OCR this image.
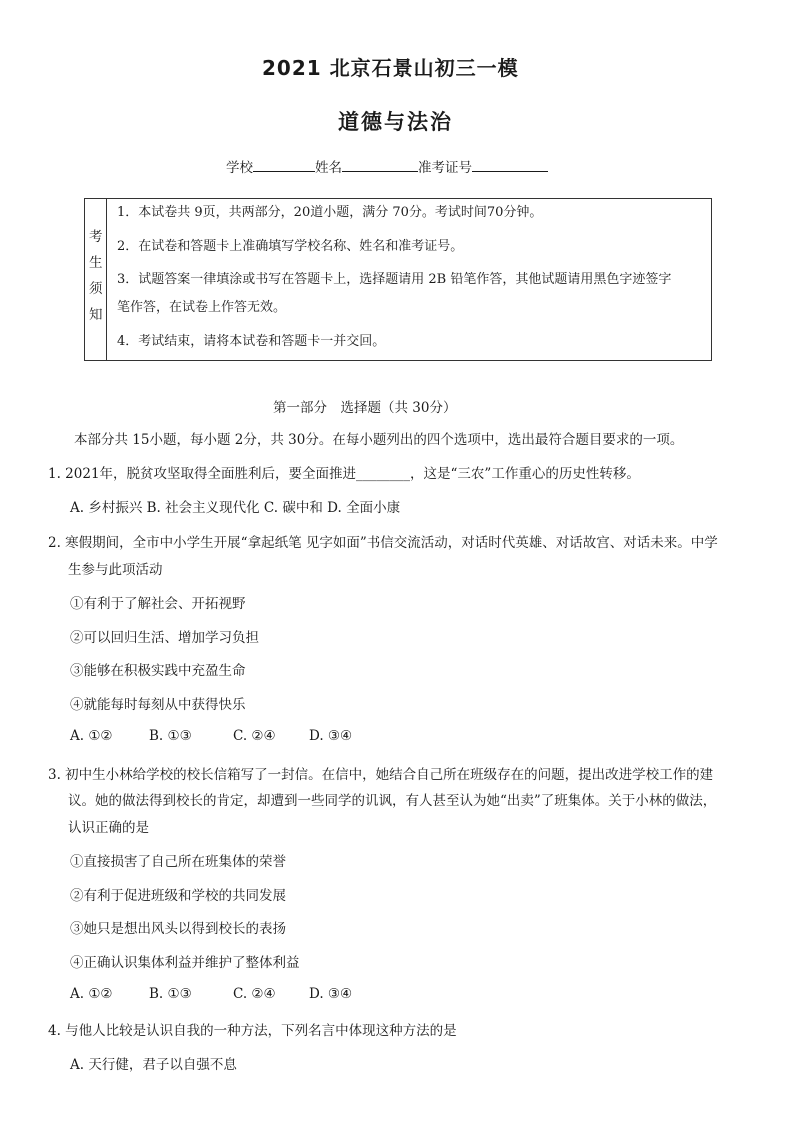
2021 北京石景山初三一模
道德与法治
学校	姓名	准考证号
考
生
须
知
1．本试卷共 9页，共两部分，20道小题，满分 70分。考试时间70分钟。
2．在试卷和答题卡上准确填写学校名称、姓名和准考证号。
3．试题答案一律填涂或书写在答题卡上，选择题请用 2B 铅笔作答，其他试题请用黑色字迹签字
笔作答，在试卷上作答无效。
4．考试结束，请将本试卷和答题卡一并交回。
第一部分　选择题（共 30分）
本部分共 15小题，每小题 2分，共 30分。在每小题列出的四个选项中，选出最符合题目要求的一项。
1. 2021年，脱贫攻坚取得全面胜利后，要全面推进________，这是“三农”工作重心的历史性转移。
A. 乡村振兴 B. 社会主义现代化 C. 碳中和 D. 全面小康
2. 寒假期间，全市中小学生开展“拿起纸笔 见字如面”书信交流活动，对话时代英雄、对话故宫、对话未来。中学
生参与此项活动
①有利于了解社会、开拓视野
②可以回归生活、增加学习负担
③能够在积极实践中充盈生命
④就能每时每刻从中获得快乐
A. ①②	B. ①③	C. ②④ D. ③④
3. 初中生小林给学校的校长信箱写了一封信。在信中，她结合自己所在班级存在的问题，提出改进学校工作的建
议。她的做法得到校长的肯定，却遭到一些同学的讥讽，有人甚至认为她“出卖”了班集体。关于小林的做法，
认识正确的是
①直接损害了自己所在班集体的荣誉
②有利于促进班级和学校的共同发展
③她只是想出风头以得到校长的表扬
④正确认识集体利益并维护了整体利益
A. ①②	B. ①③	C. ②④ D. ③④
4. 与他人比较是认识自我的一种方法，下列名言中体现这种方法的是
A. 天行健，君子以自强不息
